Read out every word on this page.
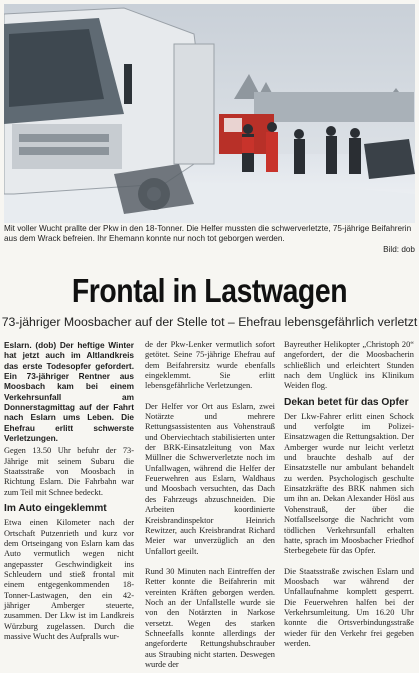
Mit voller Wucht prallte der Pkw in den 18-Tonner. Die Helfer mussten die schwerverletzte, 75-jährige Beifahrerin
aus dem Wrack befreien. Ihr Ehemann konnte nur noch tot geborgen werden.
Bild: dob
Frontal in Lastwagen
73-jähriger Moosbacher auf der Stelle tot – Ehefrau lebensgefährlich verletzt

Eslarn. (dob) Der heftige Winter hat jetzt auch im Altlandkreis das erste Todesopfer gefordert. Ein 73-jähriger Rentner aus Moosbach kam bei einem Verkehrsunfall am Donnerstagmittag auf der Fahrt nach Eslarn ums Leben. Die Ehefrau erlitt schwerste Verletzungen.

Gegen 13.50 Uhr befuhr der 73-Jährige mit seinem Subaru die Staatsstraße von Moosbach in Richtung Eslarn. Die Fahrbahn war zum Teil mit Schnee bedeckt.

Im Auto eingeklemmt

Etwa einen Kilometer nach der Ortschaft Putzenrieth und kurz vor dem Ortseingang von Eslarn kam das Auto vermutlich wegen nicht angepasster Geschwindigkeit ins Schleudern und stieß frontal mit einem entgegenkommenden 18-Tonner-Lastwagen, den ein 42-jähriger Amberger steuerte, zusammen. Der Lkw ist im Landkreis Würzburg zugelassen. Durch die massive Wucht des Aufpralls wur-

de der Pkw-Lenker vermutlich sofort getötet. Seine 75-jährige Ehefrau auf dem Beifahrersitz wurde ebenfalls eingeklemmt. Sie erlitt lebensgefährliche Verletzungen.

Der Helfer vor Ort aus Eslarn, zwei Notärzte und mehrere Rettungsassistenten aus Vohenstrauß und Oberviechtach stabilisierten unter der BRK-Einsatzleitung von Max Müllner die Schwerverletzte noch im Unfallwagen, während die Helfer der Feuerwehren aus Eslarn, Waldhaus und Moosbach versuchten, das Dach des Fahrzeugs abzuschneiden. Die Arbeiten koordinierte Kreisbrandinspektor Heinrich Rewitzer, auch Kreisbrandrat Richard Meier war unverzüglich an den Unfallort geeilt.

Rund 30 Minuten nach Eintreffen der Retter konnte die Beifahrerin mit vereinten Kräften geborgen werden. Noch an der Unfallstelle wurde sie von den Notärzten in Narkose versetzt. Wegen des starken Schneefalls konnte allerdings der angeforderte Rettungshubschrauber aus Straubing nicht starten. Deswegen wurde der

Bayreuther Helikopter „Christoph 20“ angefordert, der die Moosbacherin schließlich und erleichtert Stunden nach dem Unglück ins Klinikum Weiden flog.

Dekan betet für das Opfer

Der Lkw-Fahrer erlitt einen Schock und verfolgte im Polizei-Einsatzwagen die Rettungsaktion. Der Amberger wurde nur leicht verletzt und brauchte deshalb auf der Einsatzstelle nur ambulant behandelt zu werden. Psychologisch geschulte Einsatzkräfte des BRK nahmen sich um ihn an. Dekan Alexander Hösl aus Vohenstrauß, der über die Notfallseelsorge die Nachricht vom tödlichen Verkehrsunfall erhalten hatte, sprach im Moosbacher Friedhof Sterbegebete für das Opfer.

Die Staatsstraße zwischen Eslarn und Moosbach war während der Unfallaufnahme komplett gesperrt. Die Feuerwehren halfen bei der Verkehrsumleitung. Um 16.20 Uhr konnte die Ortsverbindungsstraße wieder für den Verkehr frei gegeben werden.
